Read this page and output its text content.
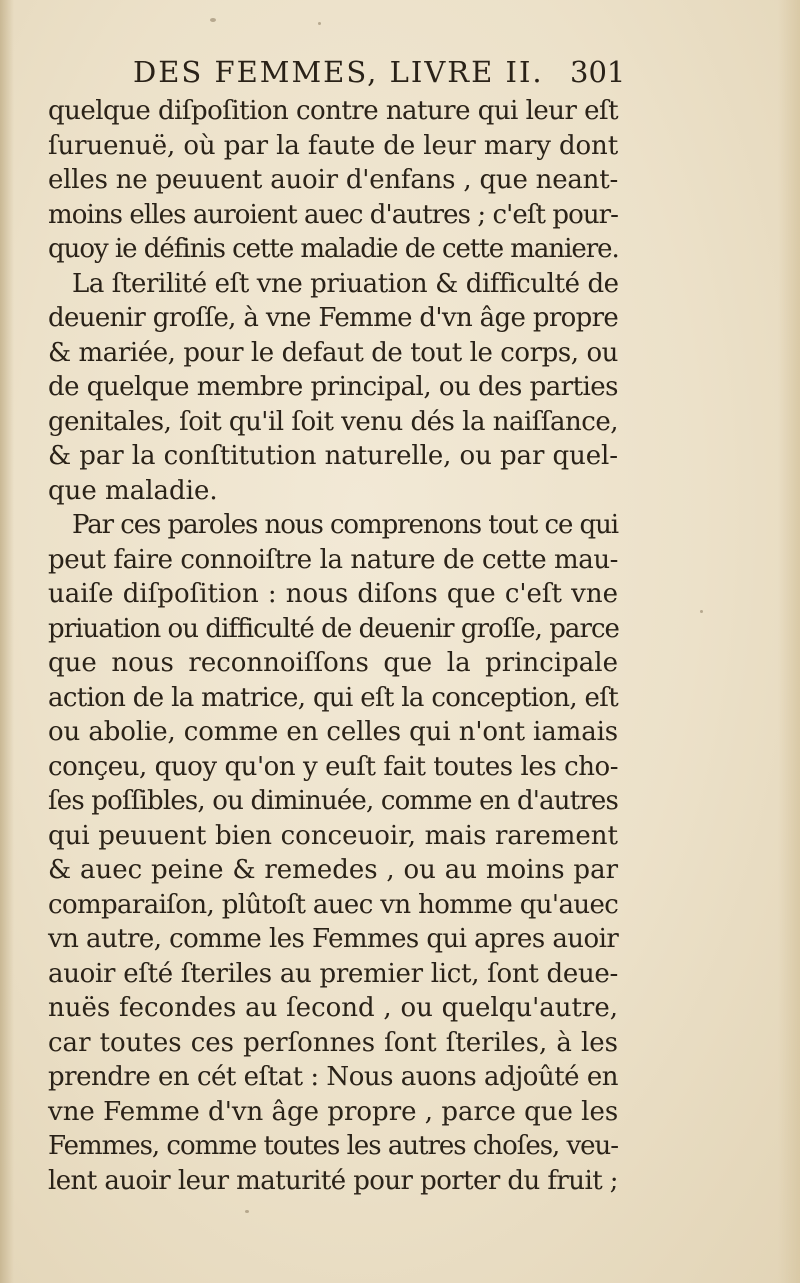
DES FEMMES, LIVRE II. 301
quelque diſpoſition contre nature qui leur eſt
ſuruenuë, où par la faute de leur mary dont
elles ne peuuent auoir d'enfans , que neant-
moins elles auroient auec d'autres ; c'eſt pour-
quoy ie définis cette maladie de cette maniere.
La ſterilité eſt vne priuation & difficulté de
deuenir groſſe, à vne Femme d'vn âge propre
& mariée, pour le defaut de tout le corps, ou
de quelque membre principal, ou des parties
genitales, ſoit qu'il ſoit venu dés la naiſſance,
& par la conſtitution naturelle, ou par quel-
que maladie.
Par ces paroles nous comprenons tout ce qui
peut faire connoiſtre la nature de cette mau-
uaiſe diſpoſition : nous diſons que c'eſt vne
priuation ou difficulté de deuenir groſſe, parce
que nous reconnoiſſons que la principale
action de la matrice, qui eſt la conception, eſt
ou abolie, comme en celles qui n'ont iamais
conçeu, quoy qu'on y euſt fait toutes les cho-
ſes poſſibles, ou diminuée, comme en d'autres
qui peuuent bien conceuoir, mais rarement
& auec peine & remedes , ou au moins par
comparaiſon, plûtoſt auec vn homme qu'auec
vn autre, comme les Femmes qui apres auoir
auoir eſté ſteriles au premier lict, ſont deue-
nuës fecondes au ſecond , ou quelqu'autre,
car toutes ces perſonnes ſont ſteriles, à les
prendre en cét eſtat : Nous auons adjoûté en
vne Femme d'vn âge propre , parce que les
Femmes, comme toutes les autres choſes, veu-
lent auoir leur maturité pour porter du fruit ;
